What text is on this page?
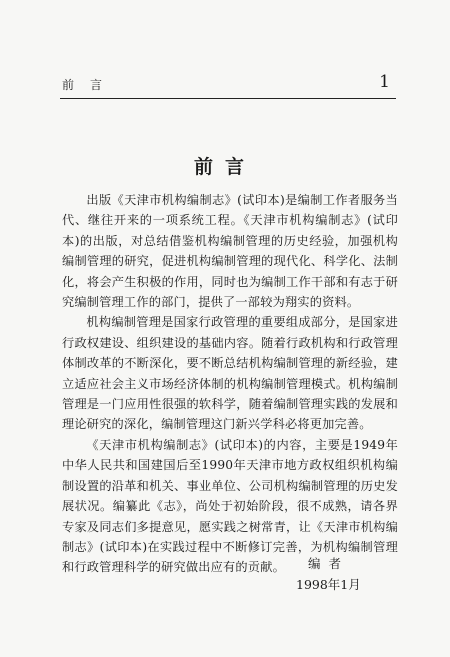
前言	1
前言

出版《天津市机构编制志》(试印本)是编制工作者服务当代、继往开来的一项系统工程。《天津市机构编制志》(试印本)的出版，对总结借鉴机构编制管理的历史经验，加强机构编制管理的研究，促进机构编制管理的现代化、科学化、法制化，将会产生积极的作用，同时也为编制工作干部和有志于研究编制管理工作的部门，提供了一部较为翔实的资料。

机构编制管理是国家行政管理的重要组成部分，是国家进行政权建设、组织建设的基础内容。随着行政机构和行政管理体制改革的不断深化，要不断总结机构编制管理的新经验，建立适应社会主义市场经济体制的机构编制管理模式。机构编制管理是一门应用性很强的软科学，随着编制管理实践的发展和理论研究的深化，编制管理这门新兴学科必将更加完善。

《天津市机构编制志》(试印本)的内容，主要是1949年中华人民共和国建国后至1990年天津市地方政权组织机构编制设置的沿革和机关、事业单位、公司机构编制管理的历史发展状况。编纂此《志》，尚处于初始阶段，很不成熟，请各界专家及同志们多提意见，愿实践之树常青，让《天津市机构编制志》(试印本)在实践过程中不断修订完善，为机构编制管理和行政管理科学的研究做出应有的贡献。	编者
1998年1月
